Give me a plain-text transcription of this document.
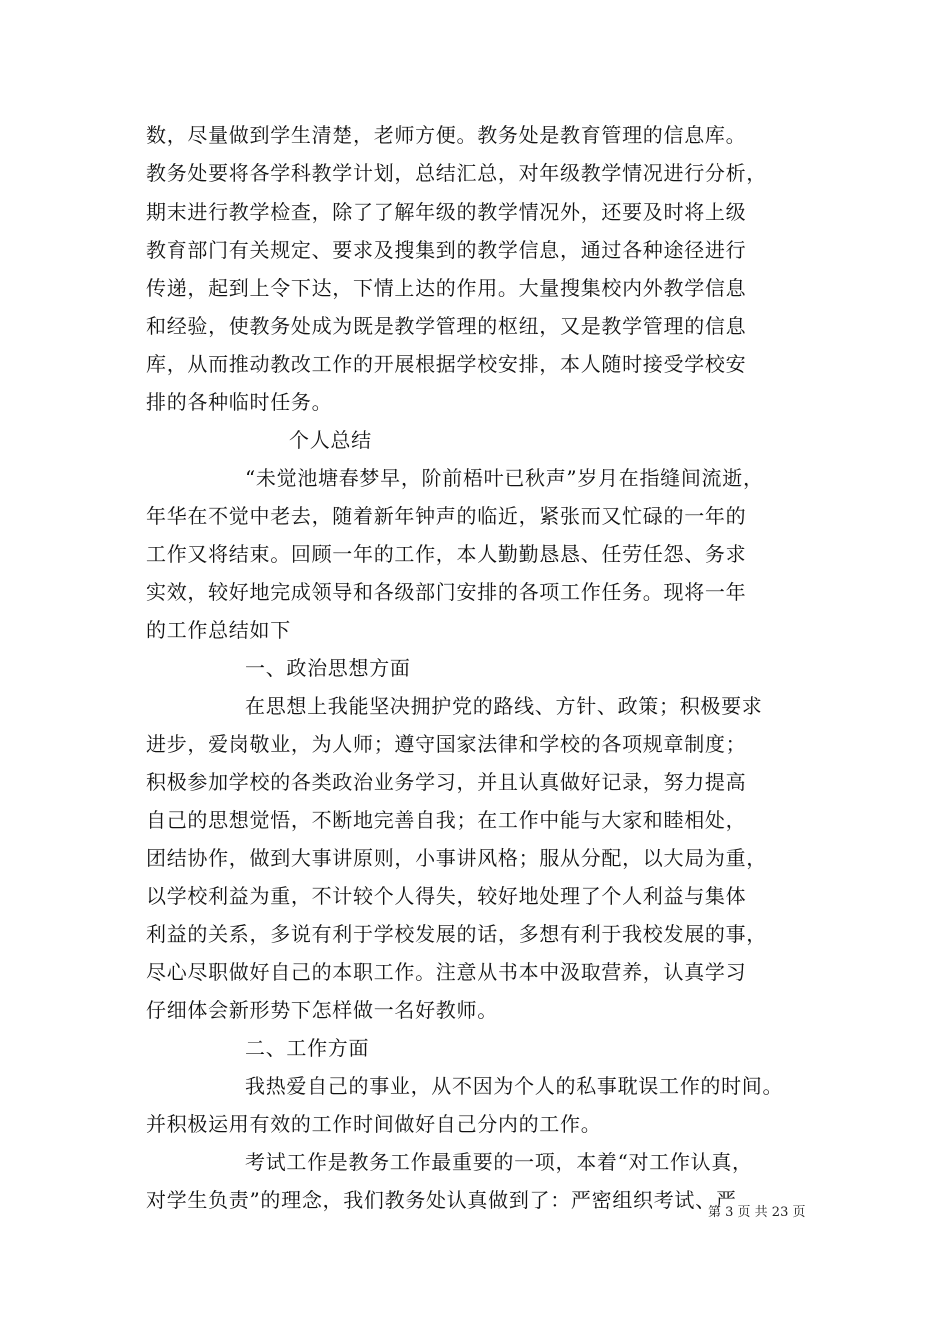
数，尽量做到学生清楚，老师方便。教务处是教育管理的信息库。
教务处要将各学科教学计划，总结汇总，对年级教学情况进行分析，
期末进行教学检查，除了了解年级的教学情况外，还要及时将上级
教育部门有关规定、要求及搜集到的教学信息，通过各种途径进行
传递，起到上令下达，下情上达的作用。大量搜集校内外教学信息
和经验，使教务处成为既是教学管理的枢纽，又是教学管理的信息
库，从而推动教改工作的开展根据学校安排，本人随时接受学校安
排的各种临时任务。
个人总结
“未觉池塘春梦早，阶前梧叶已秋声”岁月在指缝间流逝，
年华在不觉中老去，随着新年钟声的临近，紧张而又忙碌的一年的
工作又将结束。回顾一年的工作，本人勤勤恳恳、任劳任怨、务求
实效，较好地完成领导和各级部门安排的各项工作任务。现将一年
的工作总结如下
一、政治思想方面
在思想上我能坚决拥护党的路线、方针、政策；积极要求
进步，爱岗敬业，为人师；遵守国家法律和学校的各项规章制度；
积极参加学校的各类政治业务学习，并且认真做好记录，努力提高
自己的思想觉悟，不断地完善自我；在工作中能与大家和睦相处，
团结协作，做到大事讲原则，小事讲风格；服从分配，以大局为重，
以学校利益为重，不计较个人得失，较好地处理了个人利益与集体
利益的关系，多说有利于学校发展的话，多想有利于我校发展的事，
尽心尽职做好自己的本职工作。注意从书本中汲取营养，认真学习
仔细体会新形势下怎样做一名好教师。
二、工作方面
我热爱自己的事业，从不因为个人的私事耽误工作的时间。
并积极运用有效的工作时间做好自己分内的工作。
考试工作是教务工作最重要的一项，本着“对工作认真，
对学生负责”的理念，我们教务处认真做到了：严密组织考试、严
第 3 页 共 23 页
